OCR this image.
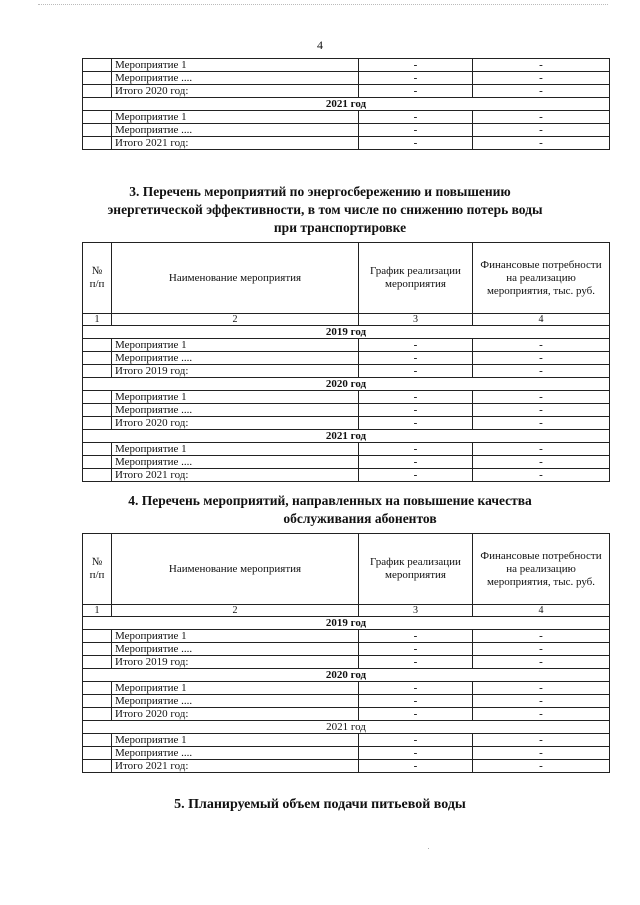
4
	Мероприятие 1	-	-
	Мероприятие ....	-	-
	Итого 2020 год:	-	-
2021 год			
	Мероприятие 1	-	-
	Мероприятие ....	-	-
	Итого 2021 год:	-	-
3. Перечень мероприятий по энергосбережению и повышению
энергетической эффективности, в том числе по снижению потерь воды
при транспортировке
№ п/п	Наименование мероприятия	График реализации мероприятия	Финансовые потребности на реализацию мероприятия, тыс. руб.
1	2	3	4
2019 год			
	Мероприятие 1	-	-
	Мероприятие ....	-	-
	Итого 2019 год:	-	-
2020 год			
	Мероприятие 1	-	-
	Мероприятие ....	-	-
	Итого 2020 год:	-	-
2021 год			
	Мероприятие 1	-	-
	Мероприятие ....	-	-
	Итого 2021 год:	-	-
4. Перечень мероприятий, направленных на повышение качества
обслуживания абонентов
№ п/п	Наименование мероприятия	График реализации мероприятия	Финансовые потребности на реализацию мероприятия, тыс. руб.
1	2	3	4
2019 год			
	Мероприятие 1	-	-
	Мероприятие ....	-	-
	Итого 2019 год:	-	-
2020 год			
	Мероприятие 1	-	-
	Мероприятие ....	-	-
	Итого 2020 год:	-	-
2021 год			
	Мероприятие 1	-	-
	Мероприятие ....	-	-
	Итого 2021 год:	-	-
5. Планируемый объем подачи питьевой воды
